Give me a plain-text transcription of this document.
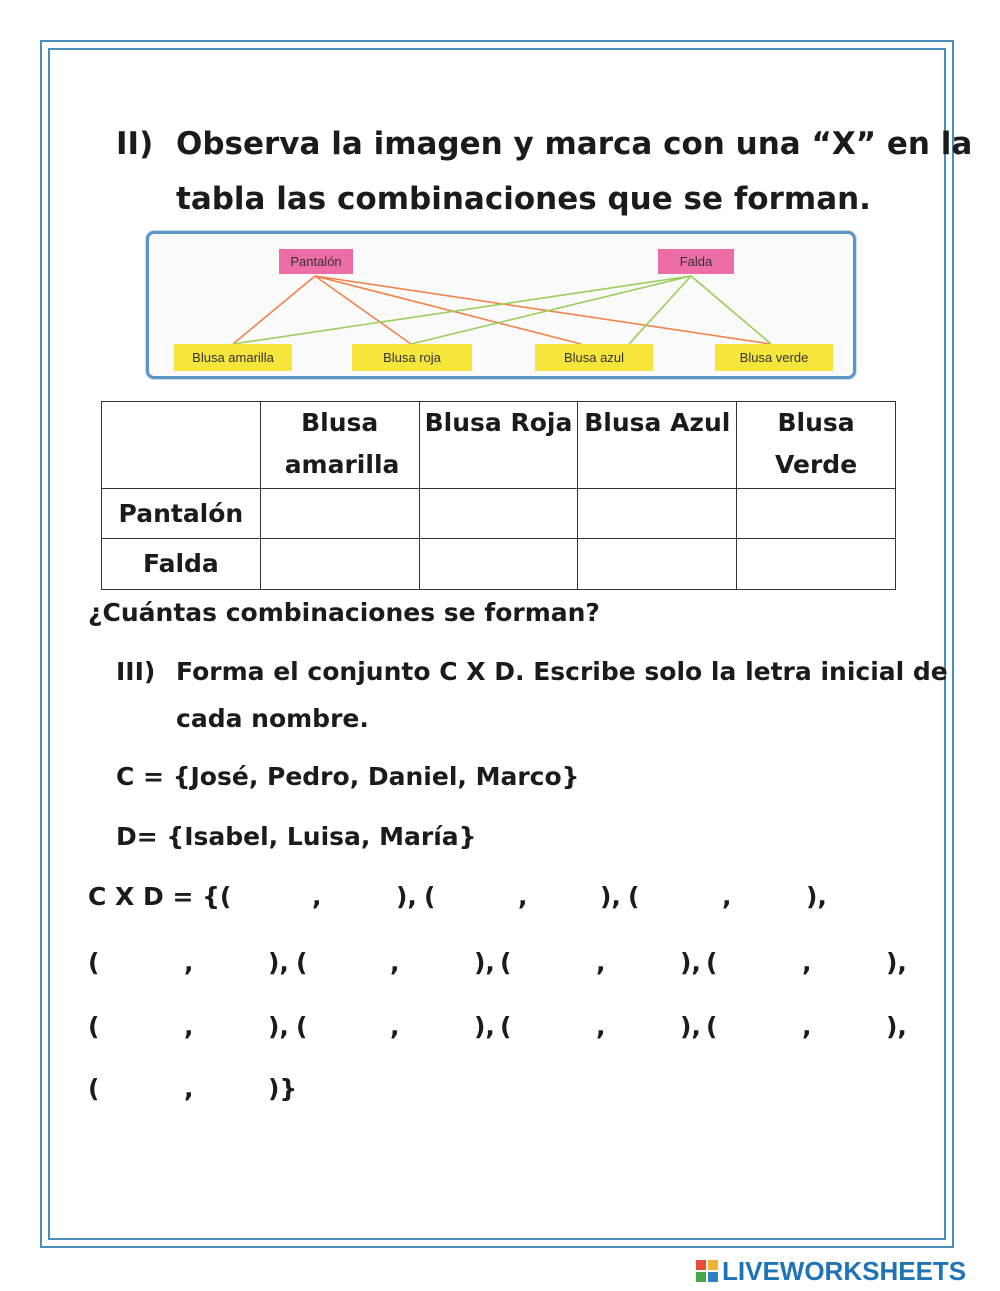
II) Observa la imagen y marca con una “X” en la
tabla las combinaciones que se forman.
Pantalón	Falda
Blusa amarilla	Blusa roja	Blusa azul	Blusa verde

	Blusa amarilla	Blusa Roja	Blusa Azul	Blusa Verde

Pantalón				
Falda				
¿Cuántas combinaciones se forman?
III) Forma el conjunto C X D. Escribe solo la letra inicial de
cada nombre.
C = {José, Pedro, Daniel, Marco}
D= {Isabel, Luisa, María}
C X D = {(	,	), (	,	), (	,	),
(	,	), (	,	), (	,	), (	,	),
(	,	), (	,	), (	,	), (	,	),
(	,	)}
LIVEWORKSHEETS
